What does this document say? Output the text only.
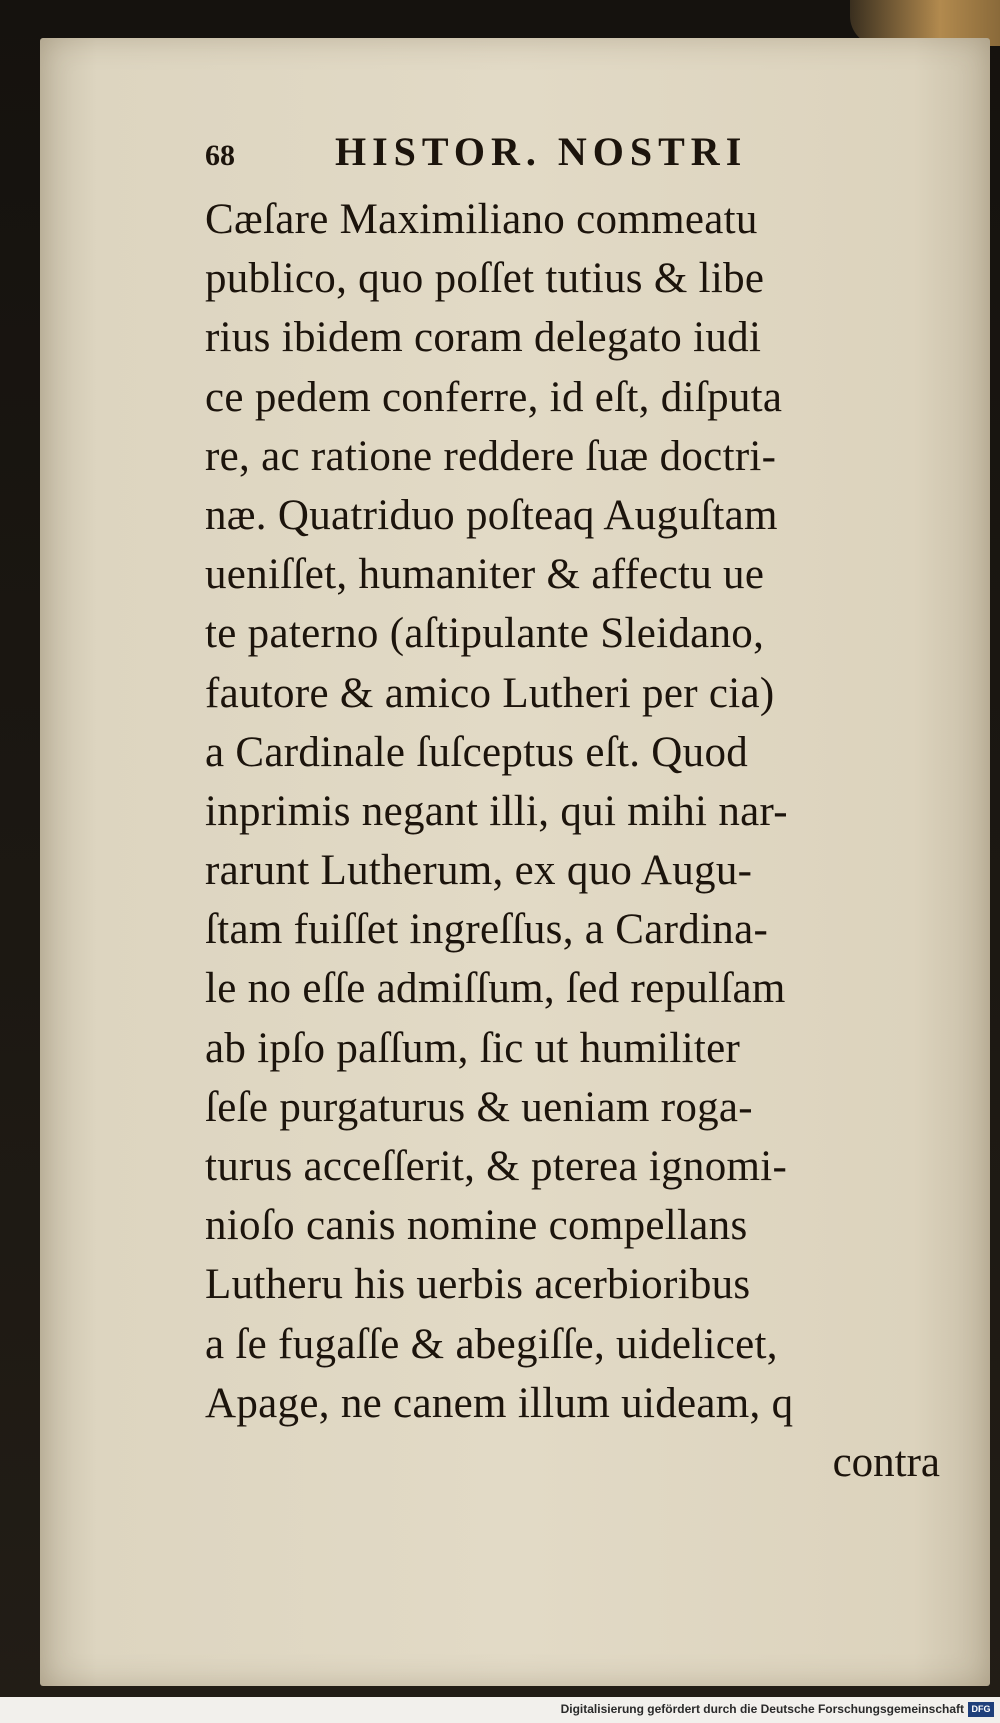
68	HISTOR. NOSTRI
Cæſare Maximiliano commeatu
publico, quo poſſet tutius & libe
rius ibidem coram delegato iudi
ce pedem conferre, id eſt, diſputa
re, ac ratione reddere ſuæ doctri-
næ. Quatriduo poſteaq Auguſtam
ueniſſet, humaniter & affectu ue
te paterno (aſtipulante Sleidano,
fautore & amico Lutheri per cia)
a Cardinale ſuſceptus eſt. Quod
inprimis negant illi, qui mihi nar-
rarunt Lutherum, ex quo Augu-
ſtam fuiſſet ingreſſus, a Cardina-
le no eſſe admiſſum, ſed repulſam
ab ipſo paſſum, ſic ut humiliter
ſeſe purgaturus & ueniam roga-
turus acceſſerit, & pterea ignomi-
nioſo canis nomine compellans
Lutheru his uerbis acerbioribus
a ſe fugaſſe & abegiſſe, uidelicet,
Apage, ne canem illum uideam, q
contra
Digitalisierung gefördert durch die Deutsche Forschungsgemeinschaft DFG
